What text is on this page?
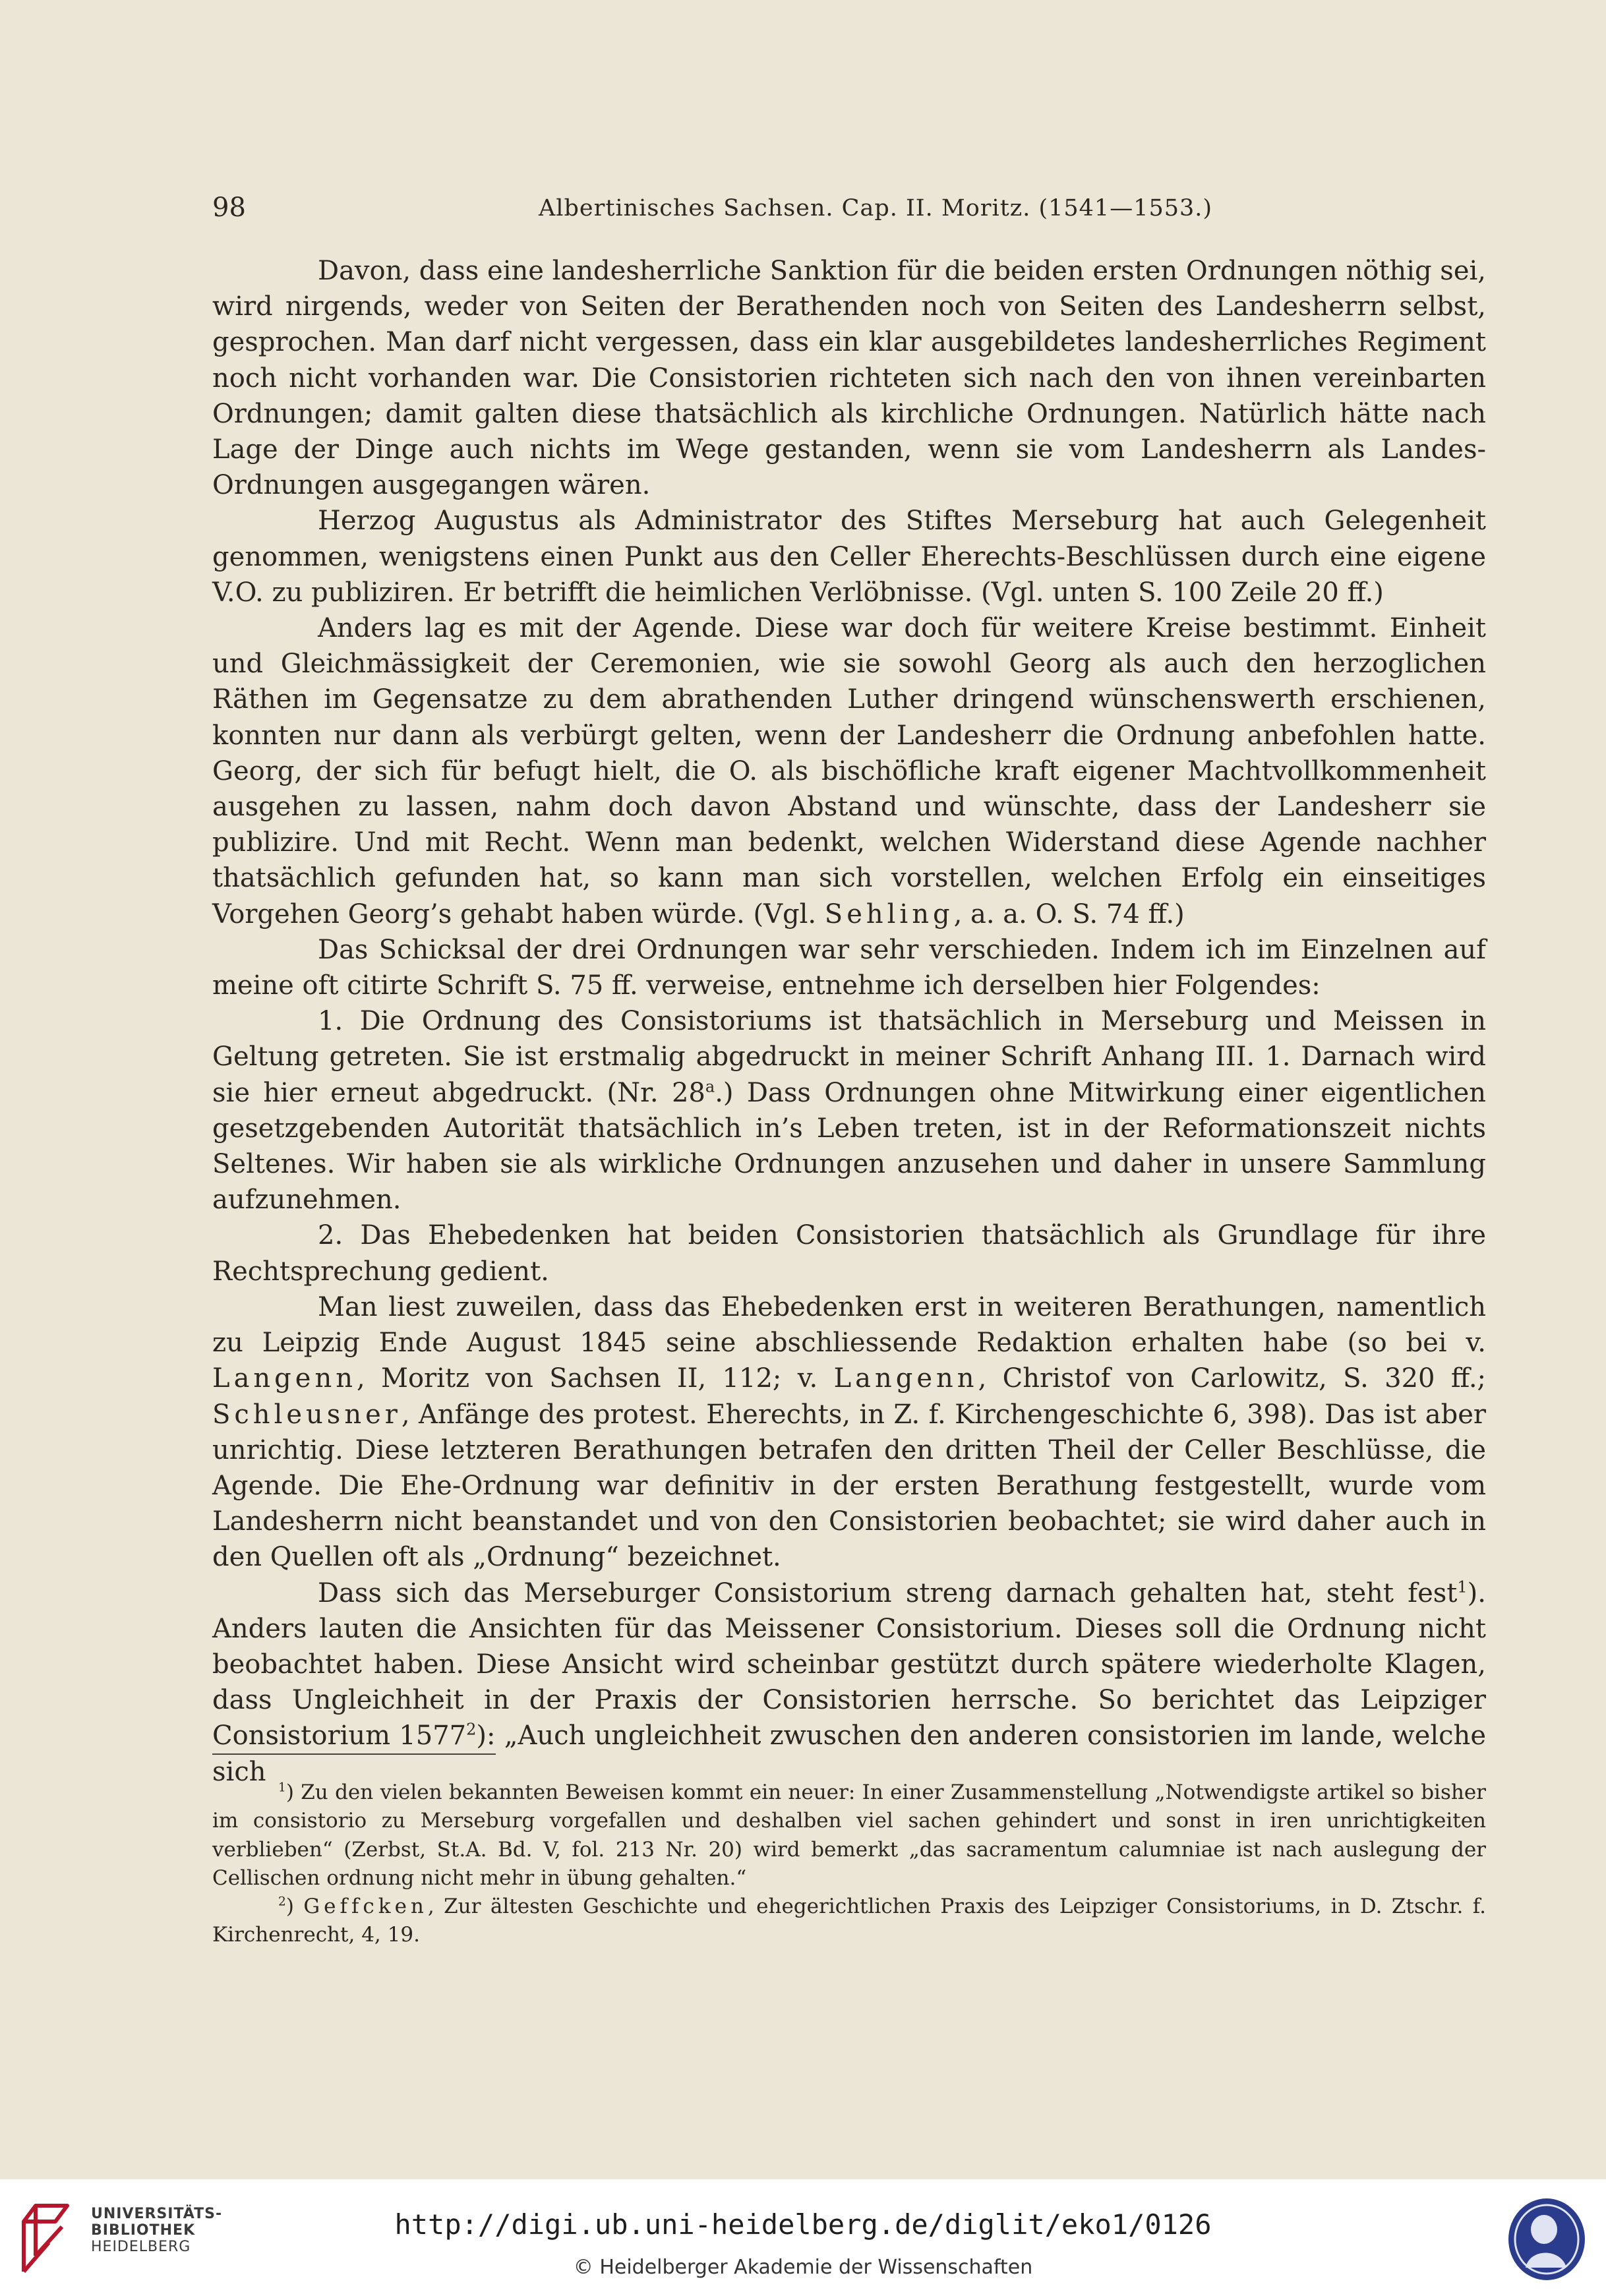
98	Albertinisches Sachsen. Cap. II. Moritz. (1541—1553.)

Davon, dass eine landesherrliche Sanktion für die beiden ersten Ordnungen nöthig sei, wird nirgends, weder von Seiten der Berathenden noch von Seiten des Landesherrn selbst, gesprochen. Man darf nicht vergessen, dass ein klar ausgebildetes landesherrliches Regiment noch nicht vorhanden war. Die Consistorien richteten sich nach den von ihnen vereinbarten Ordnungen; damit galten diese thatsächlich als kirchliche Ordnungen. Natürlich hätte nach Lage der Dinge auch nichts im Wege gestanden, wenn sie vom Landesherrn als Landes-Ordnungen ausgegangen wären.

Herzog Augustus als Administrator des Stiftes Merseburg hat auch Gelegenheit genommen, wenigstens einen Punkt aus den Celler Eherechts-Beschlüssen durch eine eigene V.O. zu publiziren. Er betrifft die heimlichen Verlöbnisse. (Vgl. unten S. 100 Zeile 20 ff.)

Anders lag es mit der Agende. Diese war doch für weitere Kreise bestimmt. Einheit und Gleichmässigkeit der Ceremonien, wie sie sowohl Georg als auch den herzoglichen Räthen im Gegensatze zu dem abrathenden Luther dringend wünschenswerth erschienen, konnten nur dann als verbürgt gelten, wenn der Landesherr die Ordnung anbefohlen hatte. Georg, der sich für befugt hielt, die O. als bischöfliche kraft eigener Machtvollkommenheit ausgehen zu lassen, nahm doch davon Abstand und wünschte, dass der Landesherr sie publizire. Und mit Recht. Wenn man bedenkt, welchen Widerstand diese Agende nachher thatsächlich gefunden hat, so kann man sich vorstellen, welchen Erfolg ein einseitiges Vorgehen Georg’s gehabt haben würde. (Vgl. Sehling, a. a. O. S. 74 ff.)

Das Schicksal der drei Ordnungen war sehr verschieden. Indem ich im Einzelnen auf meine oft citirte Schrift S. 75 ff. verweise, entnehme ich derselben hier Folgendes:

1. Die Ordnung des Consistoriums ist thatsächlich in Merseburg und Meissen in Geltung getreten. Sie ist erstmalig abgedruckt in meiner Schrift Anhang III. 1. Darnach wird sie hier erneut abgedruckt. (Nr. 28$^a$.) Dass Ordnungen ohne Mitwirkung einer eigentlichen gesetzgebenden Autorität thatsächlich in’s Leben treten, ist in der Reformationszeit nichts Seltenes. Wir haben sie als wirkliche Ordnungen anzusehen und daher in unsere Sammlung aufzunehmen.

2. Das Ehebedenken hat beiden Consistorien thatsächlich als Grundlage für ihre Rechtsprechung gedient.

Man liest zuweilen, dass das Ehebedenken erst in weiteren Berathungen, namentlich zu Leipzig Ende August 1845 seine abschliessende Redaktion erhalten habe (so bei v. Langenn, Moritz von Sachsen II, 112; v. Langenn, Christof von Carlowitz, S. 320 ff.; Schleusner, Anfänge des protest. Eherechts, in Z. f. Kirchengeschichte 6, 398). Das ist aber unrichtig. Diese letzteren Berathungen betrafen den dritten Theil der Celler Beschlüsse, die Agende. Die Ehe-Ordnung war definitiv in der ersten Berathung festgestellt, wurde vom Landesherrn nicht beanstandet und von den Consistorien beobachtet; sie wird daher auch in den Quellen oft als „Ordnung“ bezeichnet.

Dass sich das Merseburger Consistorium streng darnach gehalten hat, steht fest$^1$). Anders lauten die Ansichten für das Meissener Consistorium. Dieses soll die Ordnung nicht beobachtet haben. Diese Ansicht wird scheinbar gestützt durch spätere wiederholte Klagen, dass Ungleichheit in der Praxis der Consistorien herrsche. So berichtet das Leipziger Consistorium 1577$^2$): „Auch ungleichheit zwuschen den anderen consistorien im lande, welche sich

$^1$) Zu den vielen bekannten Beweisen kommt ein neuer: In einer Zusammenstellung „Notwendigste artikel so bisher im consistorio zu Merseburg vorgefallen und deshalben viel sachen gehindert und sonst in iren unrichtigkeiten verblieben“ (Zerbst, St.A. Bd. V, fol. 213 Nr. 20) wird bemerkt „das sacramentum calumniae ist nach auslegung der Cellischen ordnung nicht mehr in übung gehalten.“

$^2$) Geffcken, Zur ältesten Geschichte und ehegerichtlichen Praxis des Leipziger Consistoriums, in D. Ztschr. f. Kirchenrecht, 4, 19.

UNIVERSITÄTS-
BIBLIOTHEK
HEIDELBERG
http://digi.ub.uni-heidelberg.de/diglit/eko1/0126
© Heidelberger Akademie der Wissenschaften
